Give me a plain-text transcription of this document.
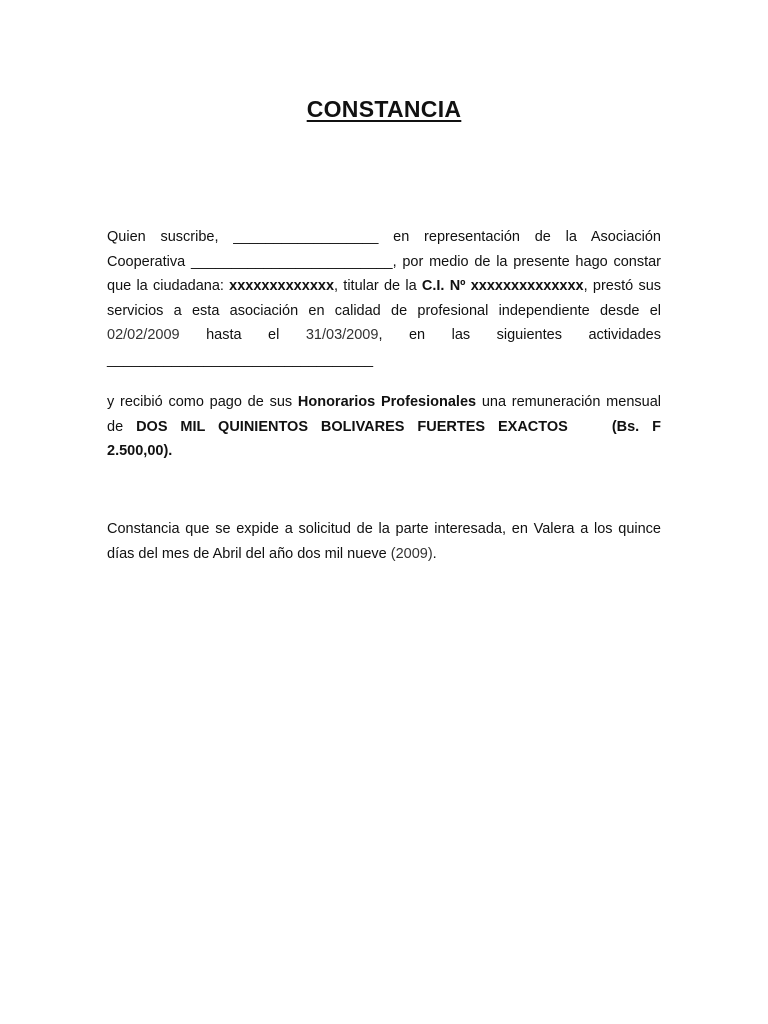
CONSTANCIA

Quien suscribe, __________________ en representación de la Asociación Cooperativa _________________________, por medio de la presente hago constar que la ciudadana: xxxxxxxxxxxxx, titular de la C.I. Nº xxxxxxxxxxxxxx, prestó sus servicios a esta asociación en calidad de profesional independiente desde el 02/02/2009 hasta el 31/03/2009, en las siguientes actividades _________________________________

y recibió como pago de sus Honorarios Profesionales una remuneración mensual de DOS MIL QUINIENTOS BOLIVARES FUERTES EXACTOS	(Bs. F 2.500,00).

Constancia que se expide a solicitud de la parte interesada, en Valera a los quince días del mes de Abril del año dos mil nueve (2009).
